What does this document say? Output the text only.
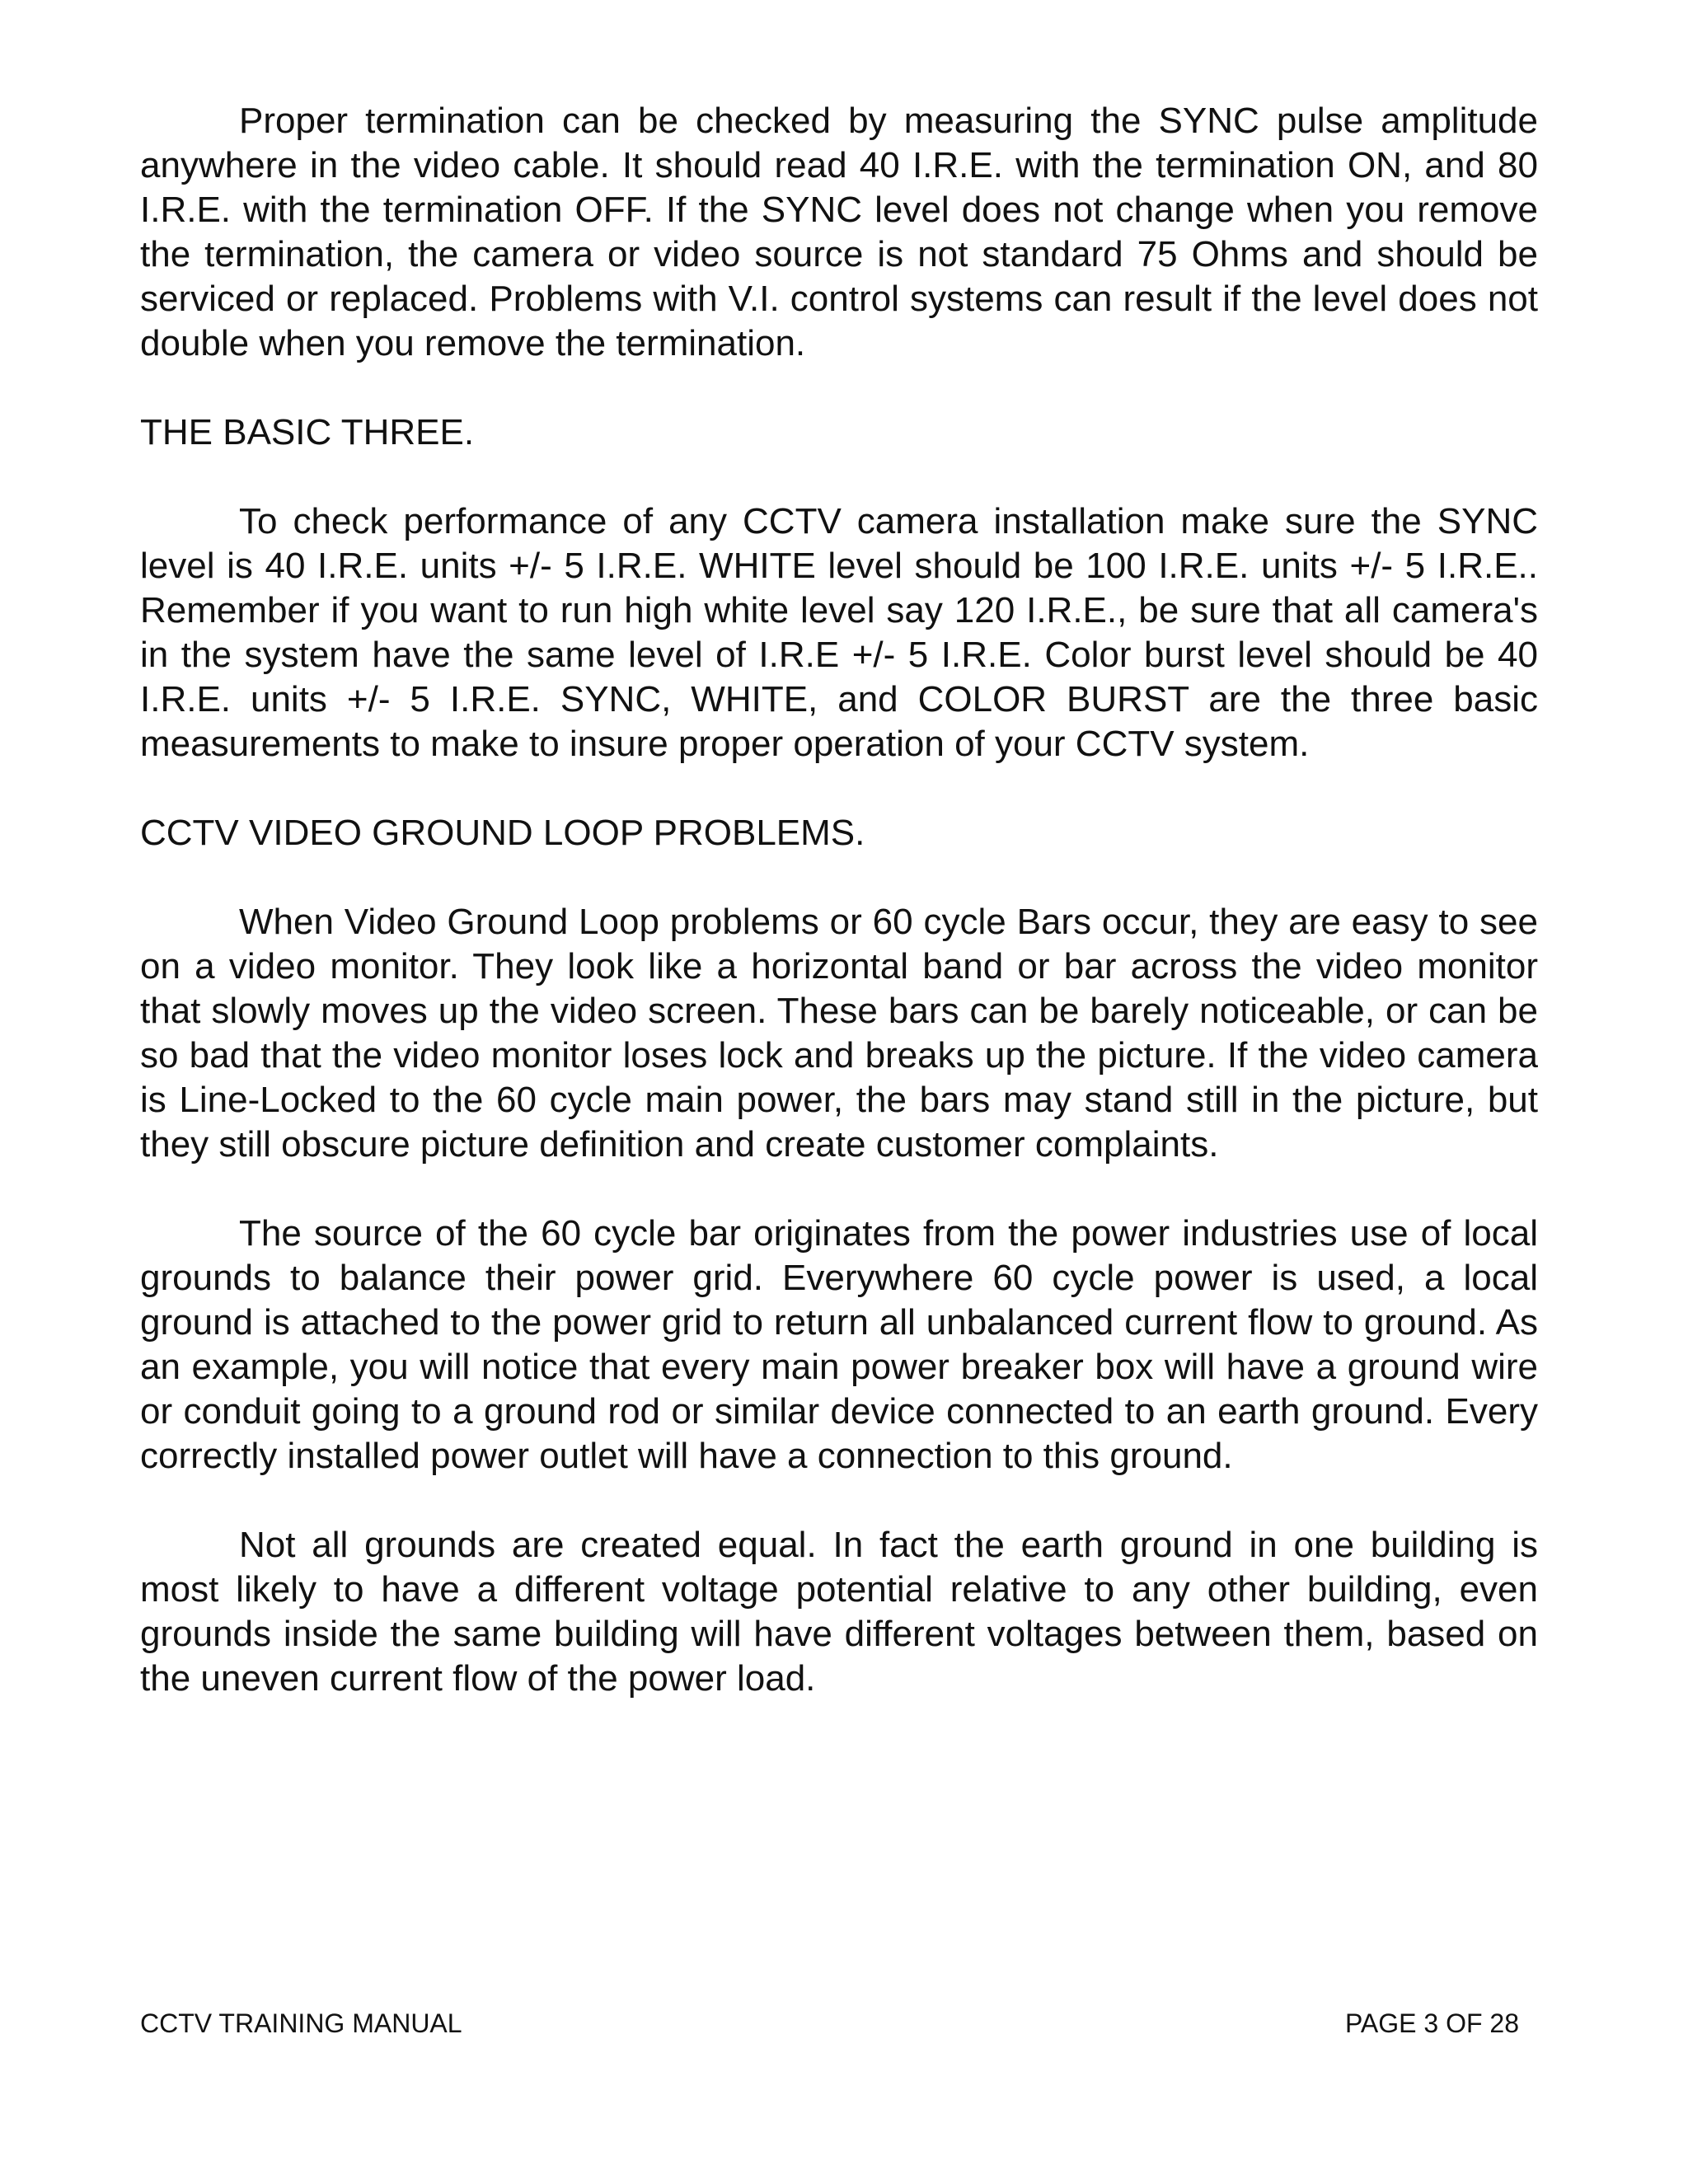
Proper termination can be checked by measuring the SYNC pulse amplitude anywhere in the video cable. It should read 40 I.R.E. with the termination ON, and 80 I.R.E. with the termination OFF. If the SYNC level does not change when you remove the termination, the camera or video source is not standard 75 Ohms and should be serviced or replaced. Problems with V.I. control systems can result if the level does not double when you remove the termination.

THE BASIC THREE.

To check performance of any CCTV camera installation make sure the SYNC level is 40 I.R.E. units +/- 5 I.R.E. WHITE level should be 100 I.R.E. units +/- 5 I.R.E.. Remember if you want to run high white level say 120 I.R.E., be sure that all camera's in the system have the same level of I.R.E +/- 5 I.R.E. Color burst level should be 40 I.R.E. units +/- 5 I.R.E. SYNC, WHITE, and COLOR BURST are the three basic measurements to make to insure proper operation of your CCTV system.

CCTV VIDEO GROUND LOOP PROBLEMS.

When Video Ground Loop problems or 60 cycle Bars occur, they are easy to see on a video monitor. They look like a horizontal band or bar across the video monitor that slowly moves up the video screen. These bars can be barely noticeable, or can be so bad that the video monitor loses lock and breaks up the picture. If the video camera is Line-Locked to the 60 cycle main power, the bars may stand still in the picture, but they still obscure picture definition and create customer complaints.

The source of the 60 cycle bar originates from the power industries use of local grounds to balance their power grid. Everywhere 60 cycle power is used, a local ground is attached to the power grid to return all unbalanced current flow to ground. As an example, you will notice that every main power breaker box will have a ground wire or conduit going to a ground rod or similar device connected to an earth ground. Every correctly installed power outlet will have a connection to this ground.

Not all grounds are created equal. In fact the earth ground in one building is most likely to have a different voltage potential relative to any other building, even grounds inside the same building will have different voltages between them, based on the uneven current flow of the power load.

CCTV TRAINING MANUAL	PAGE 3 OF 28
